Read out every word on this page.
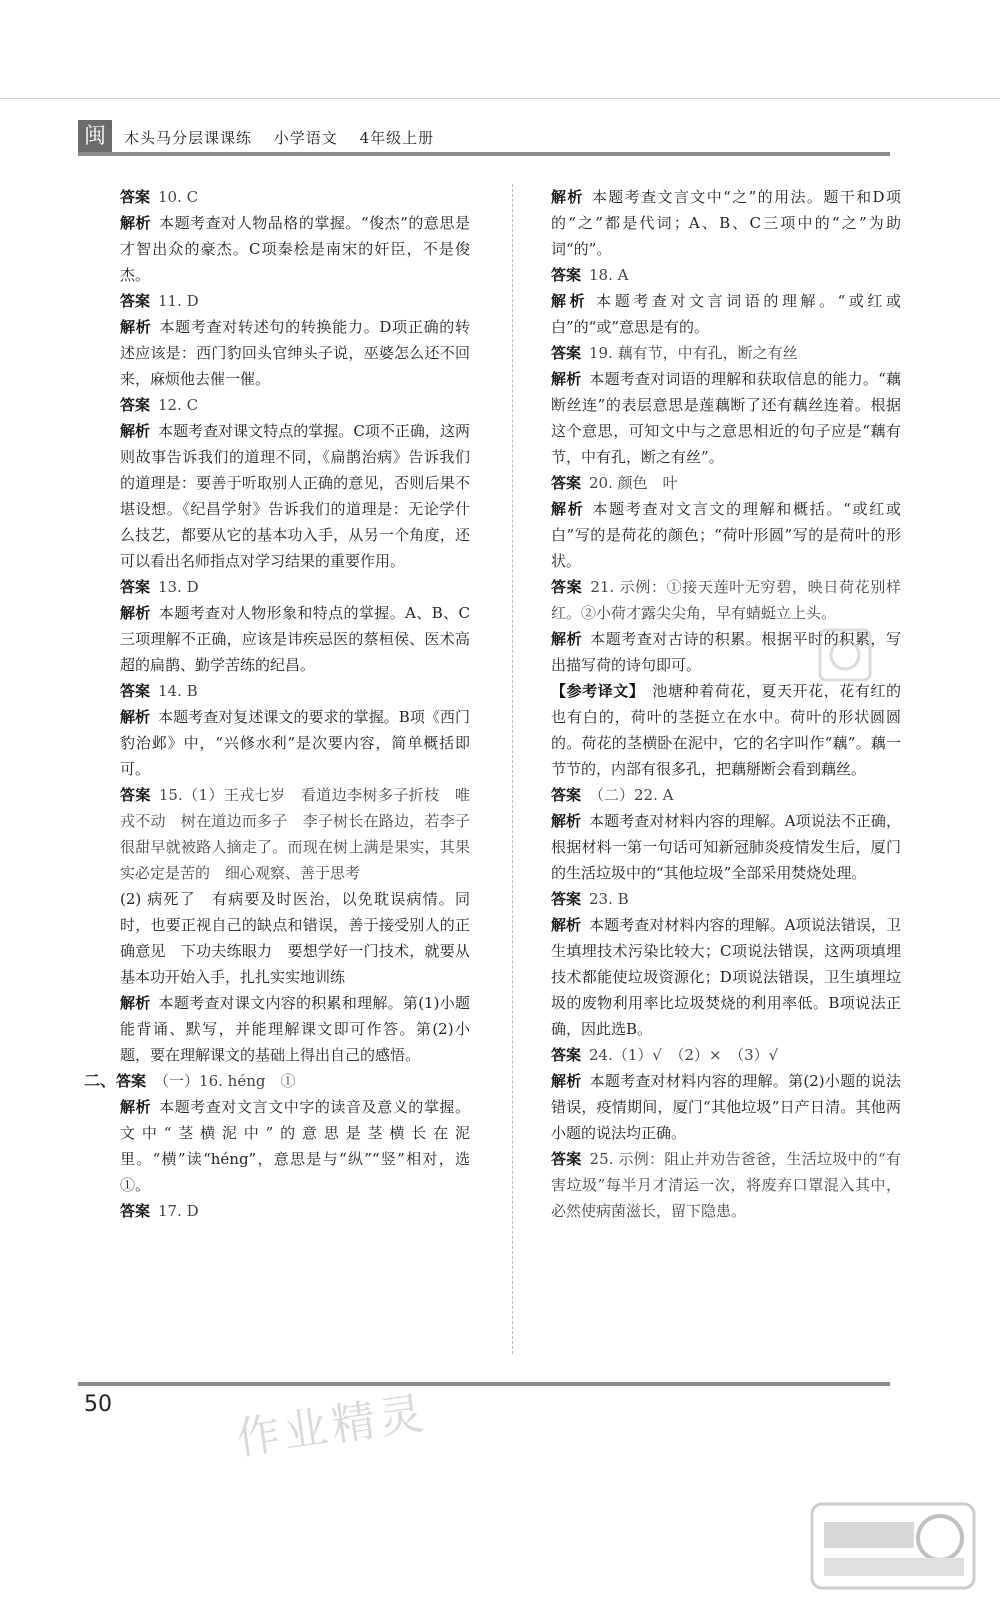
闽	木头马分层课课练 小学语文 4年级上册

答案 10. C

解析 本题考查对人物品格的掌握。“俊杰”的意思是才智出众的豪杰。C项秦桧是南宋的奸臣，不是俊杰。

答案 11. D

解析 本题考查对转述句的转换能力。D项正确的转述应该是：西门豹回头官绅头子说，巫婆怎么还不回来，麻烦他去催一催。

答案 12. C

解析 本题考查对课文特点的掌握。C项不正确，这两则故事告诉我们的道理不同，《扁鹊治病》告诉我们的道理是：要善于听取别人正确的意见，否则后果不堪设想。《纪昌学射》告诉我们的道理是：无论学什么技艺，都要从它的基本功入手，从另一个角度，还可以看出名师指点对学习结果的重要作用。

答案 13. D

解析 本题考查对人物形象和特点的掌握。A、B、C三项理解不正确，应该是讳疾忌医的蔡桓侯、医术高超的扁鹊、勤学苦练的纪昌。

答案 14. B

解析 本题考查对复述课文的要求的掌握。B项《西门豹治邺》中，“兴修水利”是次要内容，简单概括即可。

答案 15.（1）王戎七岁　看道边李树多子折枝　唯戎不动　树在道边而多子　李子树长在路边，若李子很甜早就被路人摘走了。而现在树上满是果实，其果实必定是苦的　细心观察、善于思考

(2) 病死了　有病要及时医治，以免耽误病情。同时，也要正视自己的缺点和错误，善于接受别人的正确意见　下功夫练眼力　要想学好一门技术，就要从基本功开始入手，扎扎实实地训练

解析 本题考查对课文内容的积累和理解。第(1)小题能背诵、默写，并能理解课文即可作答。第(2)小题，要在理解课文的基础上得出自己的感悟。

二、答案 （一）16. héng　①

解析 本题考查对文言文中字的读音及意义的掌握。文中“茎横泥中”的意思是茎横长在泥里。“横”读“héng”，意思是与“纵”“竖”相对，选①。

答案 17. D

解析 本题考查文言文中“之”的用法。题干和D项的“之”都是代词；A、B、C三项中的“之”为助词“的”。

答案 18. A

解析 本题考查对文言词语的理解。“或红或白”的“或”意思是有的。

答案 19. 藕有节，中有孔，断之有丝

解析 本题考查对词语的理解和获取信息的能力。“藕断丝连”的表层意思是莲藕断了还有藕丝连着。根据这个意思，可知文中与之意思相近的句子应是“藕有节，中有孔，断之有丝”。

答案 20. 颜色　叶

解析 本题考查对文言文的理解和概括。“或红或白”写的是荷花的颜色；“荷叶形圆”写的是荷叶的形状。

答案 21. 示例：①接天莲叶无穷碧，映日荷花别样红。②小荷才露尖尖角，早有蜻蜓立上头。

解析 本题考查对古诗的积累。根据平时的积累，写出描写荷的诗句即可。

【参考译文】 池塘种着荷花，夏天开花，花有红的也有白的，荷叶的茎挺立在水中。荷叶的形状圆圆的。荷花的茎横卧在泥中，它的名字叫作“藕”。藕一节节的，内部有很多孔，把藕掰断会看到藕丝。

答案 （二）22. A

解析 本题考查对材料内容的理解。A项说法不正确，根据材料一第一句话可知新冠肺炎疫情发生后，厦门的生活垃圾中的“其他垃圾”全部采用焚烧处理。

答案 23. B

解析 本题考查对材料内容的理解。A项说法错误，卫生填埋技术污染比较大；C项说法错误，这两项填埋技术都能使垃圾资源化；D项说法错误，卫生填埋垃圾的废物利用率比垃圾焚烧的利用率低。B项说法正确，因此选B。

答案 24.（1）√　（2）×　（3）√

解析 本题考查对材料内容的理解。第(2)小题的说法错误，疫情期间，厦门“其他垃圾”日产日清。其他两小题的说法均正确。

答案 25. 示例：阻止并劝告爸爸，生活垃圾中的“有害垃圾”每半月才清运一次，将废弃口罩混入其中，必然使病菌滋长，留下隐患。

50	作业精灵
